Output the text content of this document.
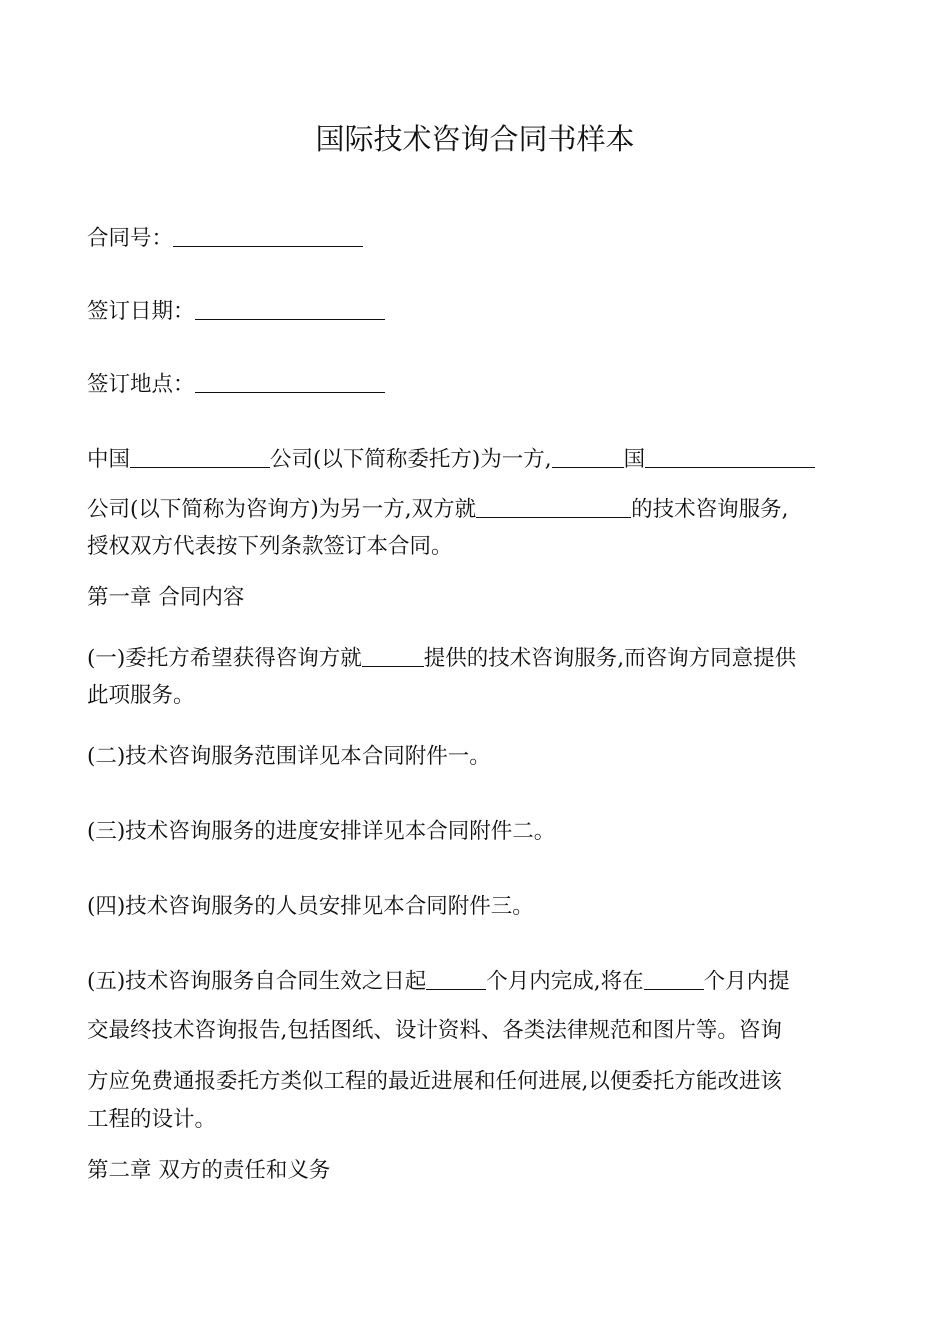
国际技术咨询合同书样本
合同号：
签订日期：
签订地点：
中国	公司(以下简称委托方)为一方,	国
公司(以下简称为咨询方)为另一方,双方就	的技术咨询服务,
授权双方代表按下列条款签订本合同。
第一章 合同内容
(一)委托方希望获得咨询方就	提供的技术咨询服务,而咨询方同意提供
此项服务。
(二)技术咨询服务范围详见本合同附件一。
(三)技术咨询服务的进度安排详见本合同附件二。
(四)技术咨询服务的人员安排见本合同附件三。
(五)技术咨询服务自合同生效之日起	个月内完成,将在	个月内提
交最终技术咨询报告,包括图纸、设计资料、各类法律规范和图片等。咨询
方应免费通报委托方类似工程的最近进展和任何进展,以便委托方能改进该
工程的设计。
第二章 双方的责任和义务
